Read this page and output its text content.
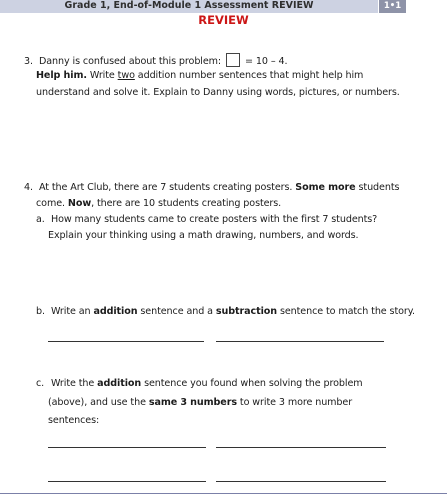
Grade 1, End-of-Module 1 Assessment REVIEW	1•1
REVIEW
3. Danny is confused about this problem: = 10 – 4.
Help him. Write two addition number sentences that might help him
understand and solve it. Explain to Danny using words, pictures, or numbers.
4. At the Art Club, there are 7 students creating posters. Some more students
come. Now, there are 10 students creating posters.
a. How many students came to create posters with the first 7 students?
Explain your thinking using a math drawing, numbers, and words.
b. Write an addition sentence and a subtraction sentence to match the story.
c. Write the addition sentence you found when solving the problem
(above), and use the same 3 numbers to write 3 more number
sentences:
